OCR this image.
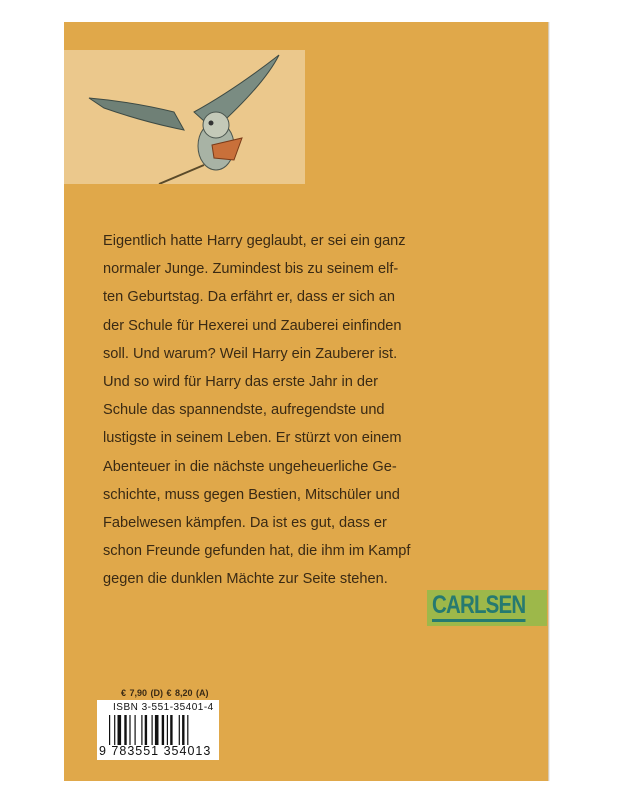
Eigentlich hatte Harry geglaubt, er sei ein ganz
normaler Junge. Zumindest bis zu seinem elf-
ten Geburtstag. Da erfährt er, dass er sich an
der Schule für Hexerei und Zauberei einfinden
soll. Und warum? Weil Harry ein Zauberer ist.
Und so wird für Harry das erste Jahr in der
Schule das spannendste, aufregendste und
lustigste in seinem Leben. Er stürzt von einem
Abenteuer in die nächste ungeheuerliche Ge-
schichte, muss gegen Bestien, Mitschüler und
Fabelwesen kämpfen. Da ist es gut, dass er
schon Freunde gefunden hat, die ihm im Kampf
gegen die dunklen Mächte zur Seite stehen.
CARLSEN
€ 7,90 (D) € 8,20 (A)
ISBN 3-551-35401-4
9 783551 354013
